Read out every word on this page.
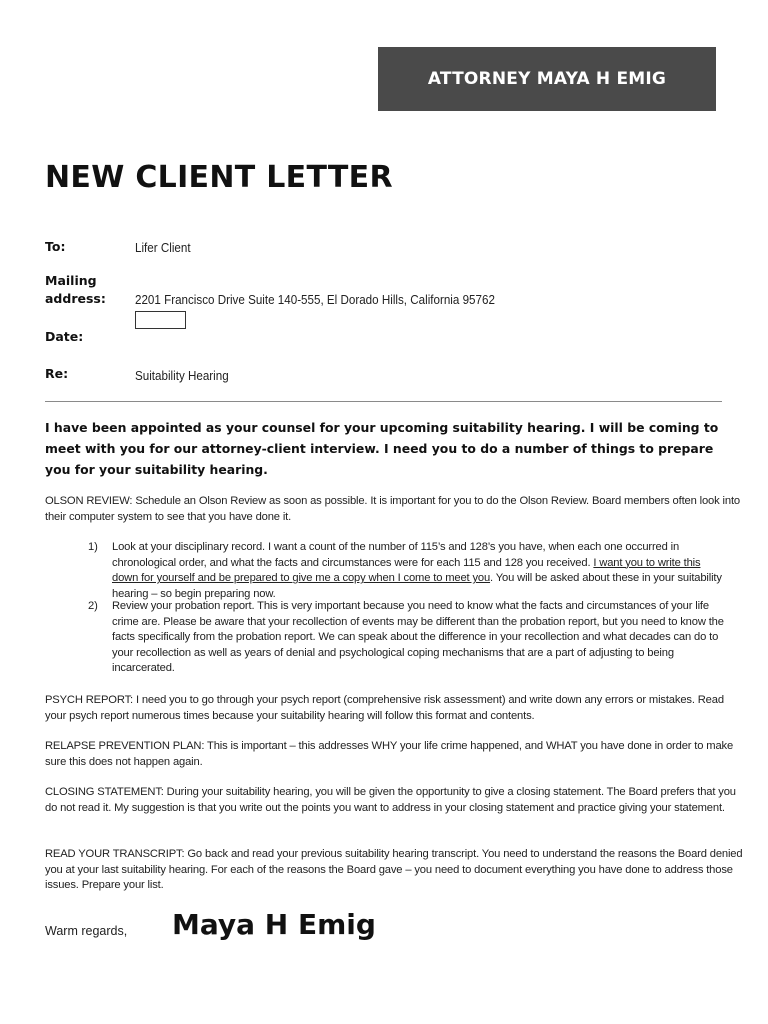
ATTORNEY MAYA H EMIG
NEW CLIENT LETTER
To:	Lifer Client
Mailing
address: 2201 Francisco Drive Suite 140-555, El Dorado Hills, California 95762
Date:
Re:	Suitability Hearing

I have been appointed as your counsel for your upcoming suitability hearing. I will be coming to meet with you for our attorney-client interview. I need you to do a number of things to prepare you for your suitability hearing.

OLSON REVIEW: Schedule an Olson Review as soon as possible. It is important for you to do the Olson Review. Board members often look into their computer system to see that you have done it.

1) Look at your disciplinary record. I want a count of the number of 115’s and 128’s you have, when each one occurred in chronological order, and what the facts and circumstances were for each 115 and 128 you received. I want you to write this down for yourself and be prepared to give me a copy when I come to meet you. You will be asked about these in your suitability hearing – so begin preparing now.
2) Review your probation report. This is very important because you need to know what the facts and circumstances of your life crime are. Please be aware that your recollection of events may be different than the probation report, but you need to know the facts specifically from the probation report. We can speak about the difference in your recollection and what decades can do to your recollection as well as years of denial and psychological coping mechanisms that are a part of adjusting to being incarcerated.

PSYCH REPORT: I need you to go through your psych report (comprehensive risk assessment) and write down any errors or mistakes. Read your psych report numerous times because your suitability hearing will follow this format and contents.

RELAPSE PREVENTION PLAN: This is important – this addresses WHY your life crime happened, and WHAT you have done in order to make sure this does not happen again.

CLOSING STATEMENT: During your suitability hearing, you will be given the opportunity to give a closing statement. The Board prefers that you do not read it. My suggestion is that you write out the points you want to address in your closing statement and practice giving your statement.

READ YOUR TRANSCRIPT: Go back and read your previous suitability hearing transcript. You need to understand the reasons the Board denied you at your last suitability hearing. For each of the reasons the Board gave – you need to document everything you have done to address those issues. Prepare your list.

Warm regards, Maya H Emig
